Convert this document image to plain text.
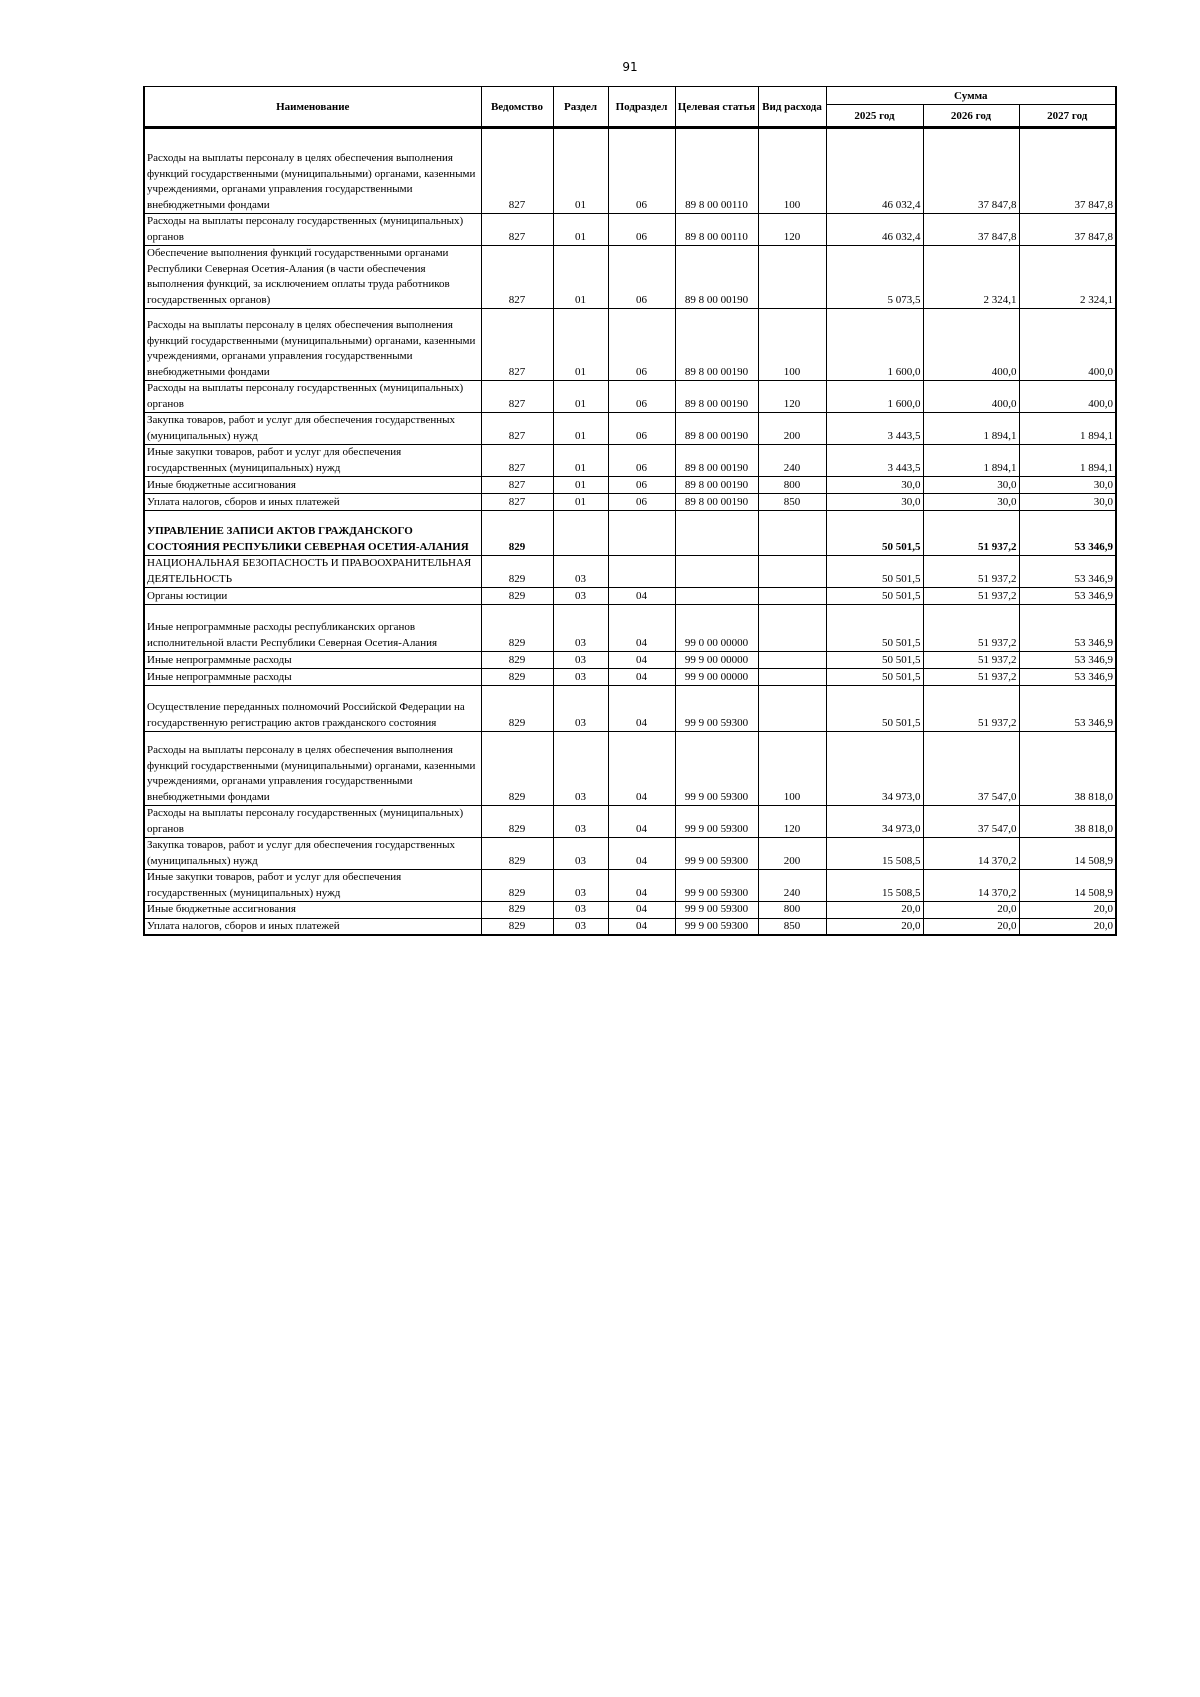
91
Наименование	Ведомство	Раздел	Подраздел	Целевая статья	Вид расхода	Сумма		
						2025 год	2026 год	2027 год
Расходы на выплаты персоналу в целях обеспечения выполнения функций государственными (муниципальными) органами, казенными учреждениями, органами управления государственными внебюджетными фондами	827	01	06	89 8 00 00110	100	46 032,4	37 847,8	37 847,8
Расходы на выплаты персоналу государственных (муниципальных) органов	827	01	06	89 8 00 00110	120	46 032,4	37 847,8	37 847,8
Обеспечение выполнения функций государственными органами Республики Северная Осетия-Алания (в части обеспечения выполнения функций, за исключением оплаты труда работников государственных органов)	827	01	06	89 8 00 00190		5 073,5	2 324,1	2 324,1
Расходы на выплаты персоналу в целях обеспечения выполнения функций государственными (муниципальными) органами, казенными учреждениями, органами управления государственными внебюджетными фондами	827	01	06	89 8 00 00190	100	1 600,0	400,0	400,0
Расходы на выплаты персоналу государственных (муниципальных) органов	827	01	06	89 8 00 00190	120	1 600,0	400,0	400,0
Закупка товаров, работ и услуг для обеспечения государственных (муниципальных) нужд	827	01	06	89 8 00 00190	200	3 443,5	1 894,1	1 894,1
Иные закупки товаров, работ и услуг для обеспечения государственных (муниципальных) нужд	827	01	06	89 8 00 00190	240	3 443,5	1 894,1	1 894,1
Иные бюджетные ассигнования	827	01	06	89 8 00 00190	800	30,0	30,0	30,0
Уплата налогов, сборов и иных платежей	827	01	06	89 8 00 00190	850	30,0	30,0	30,0
УПРАВЛЕНИЕ ЗАПИСИ АКТОВ ГРАЖДАНСКОГО СОСТОЯНИЯ РЕСПУБЛИКИ СЕВЕРНАЯ ОСЕТИЯ-АЛАНИЯ	829					50 501,5	51 937,2	53 346,9
НАЦИОНАЛЬНАЯ БЕЗОПАСНОСТЬ И ПРАВООХРАНИТЕЛЬНАЯ ДЕЯТЕЛЬНОСТЬ	829	03				50 501,5	51 937,2	53 346,9
Органы юстиции	829	03	04			50 501,5	51 937,2	53 346,9
Иные непрограммные расходы республиканских органов исполнительной власти Республики Северная Осетия-Алания	829	03	04	99 0 00 00000		50 501,5	51 937,2	53 346,9
Иные непрограммные расходы	829	03	04	99 9 00 00000		50 501,5	51 937,2	53 346,9
Иные непрограммные расходы	829	03	04	99 9 00 00000		50 501,5	51 937,2	53 346,9
Осуществление переданных полномочий Российской Федерации на государственную регистрацию актов гражданского состояния	829	03	04	99 9 00 59300		50 501,5	51 937,2	53 346,9
Расходы на выплаты персоналу в целях обеспечения выполнения функций государственными (муниципальными) органами, казенными учреждениями, органами управления государственными внебюджетными фондами	829	03	04	99 9 00 59300	100	34 973,0	37 547,0	38 818,0
Расходы на выплаты персоналу государственных (муниципальных) органов	829	03	04	99 9 00 59300	120	34 973,0	37 547,0	38 818,0
Закупка товаров, работ и услуг для обеспечения государственных (муниципальных) нужд	829	03	04	99 9 00 59300	200	15 508,5	14 370,2	14 508,9
Иные закупки товаров, работ и услуг для обеспечения государственных (муниципальных) нужд	829	03	04	99 9 00 59300	240	15 508,5	14 370,2	14 508,9
Иные бюджетные ассигнования	829	03	04	99 9 00 59300	800	20,0	20,0	20,0
Уплата налогов, сборов и иных платежей	829	03	04	99 9 00 59300	850	20,0	20,0	20,0
